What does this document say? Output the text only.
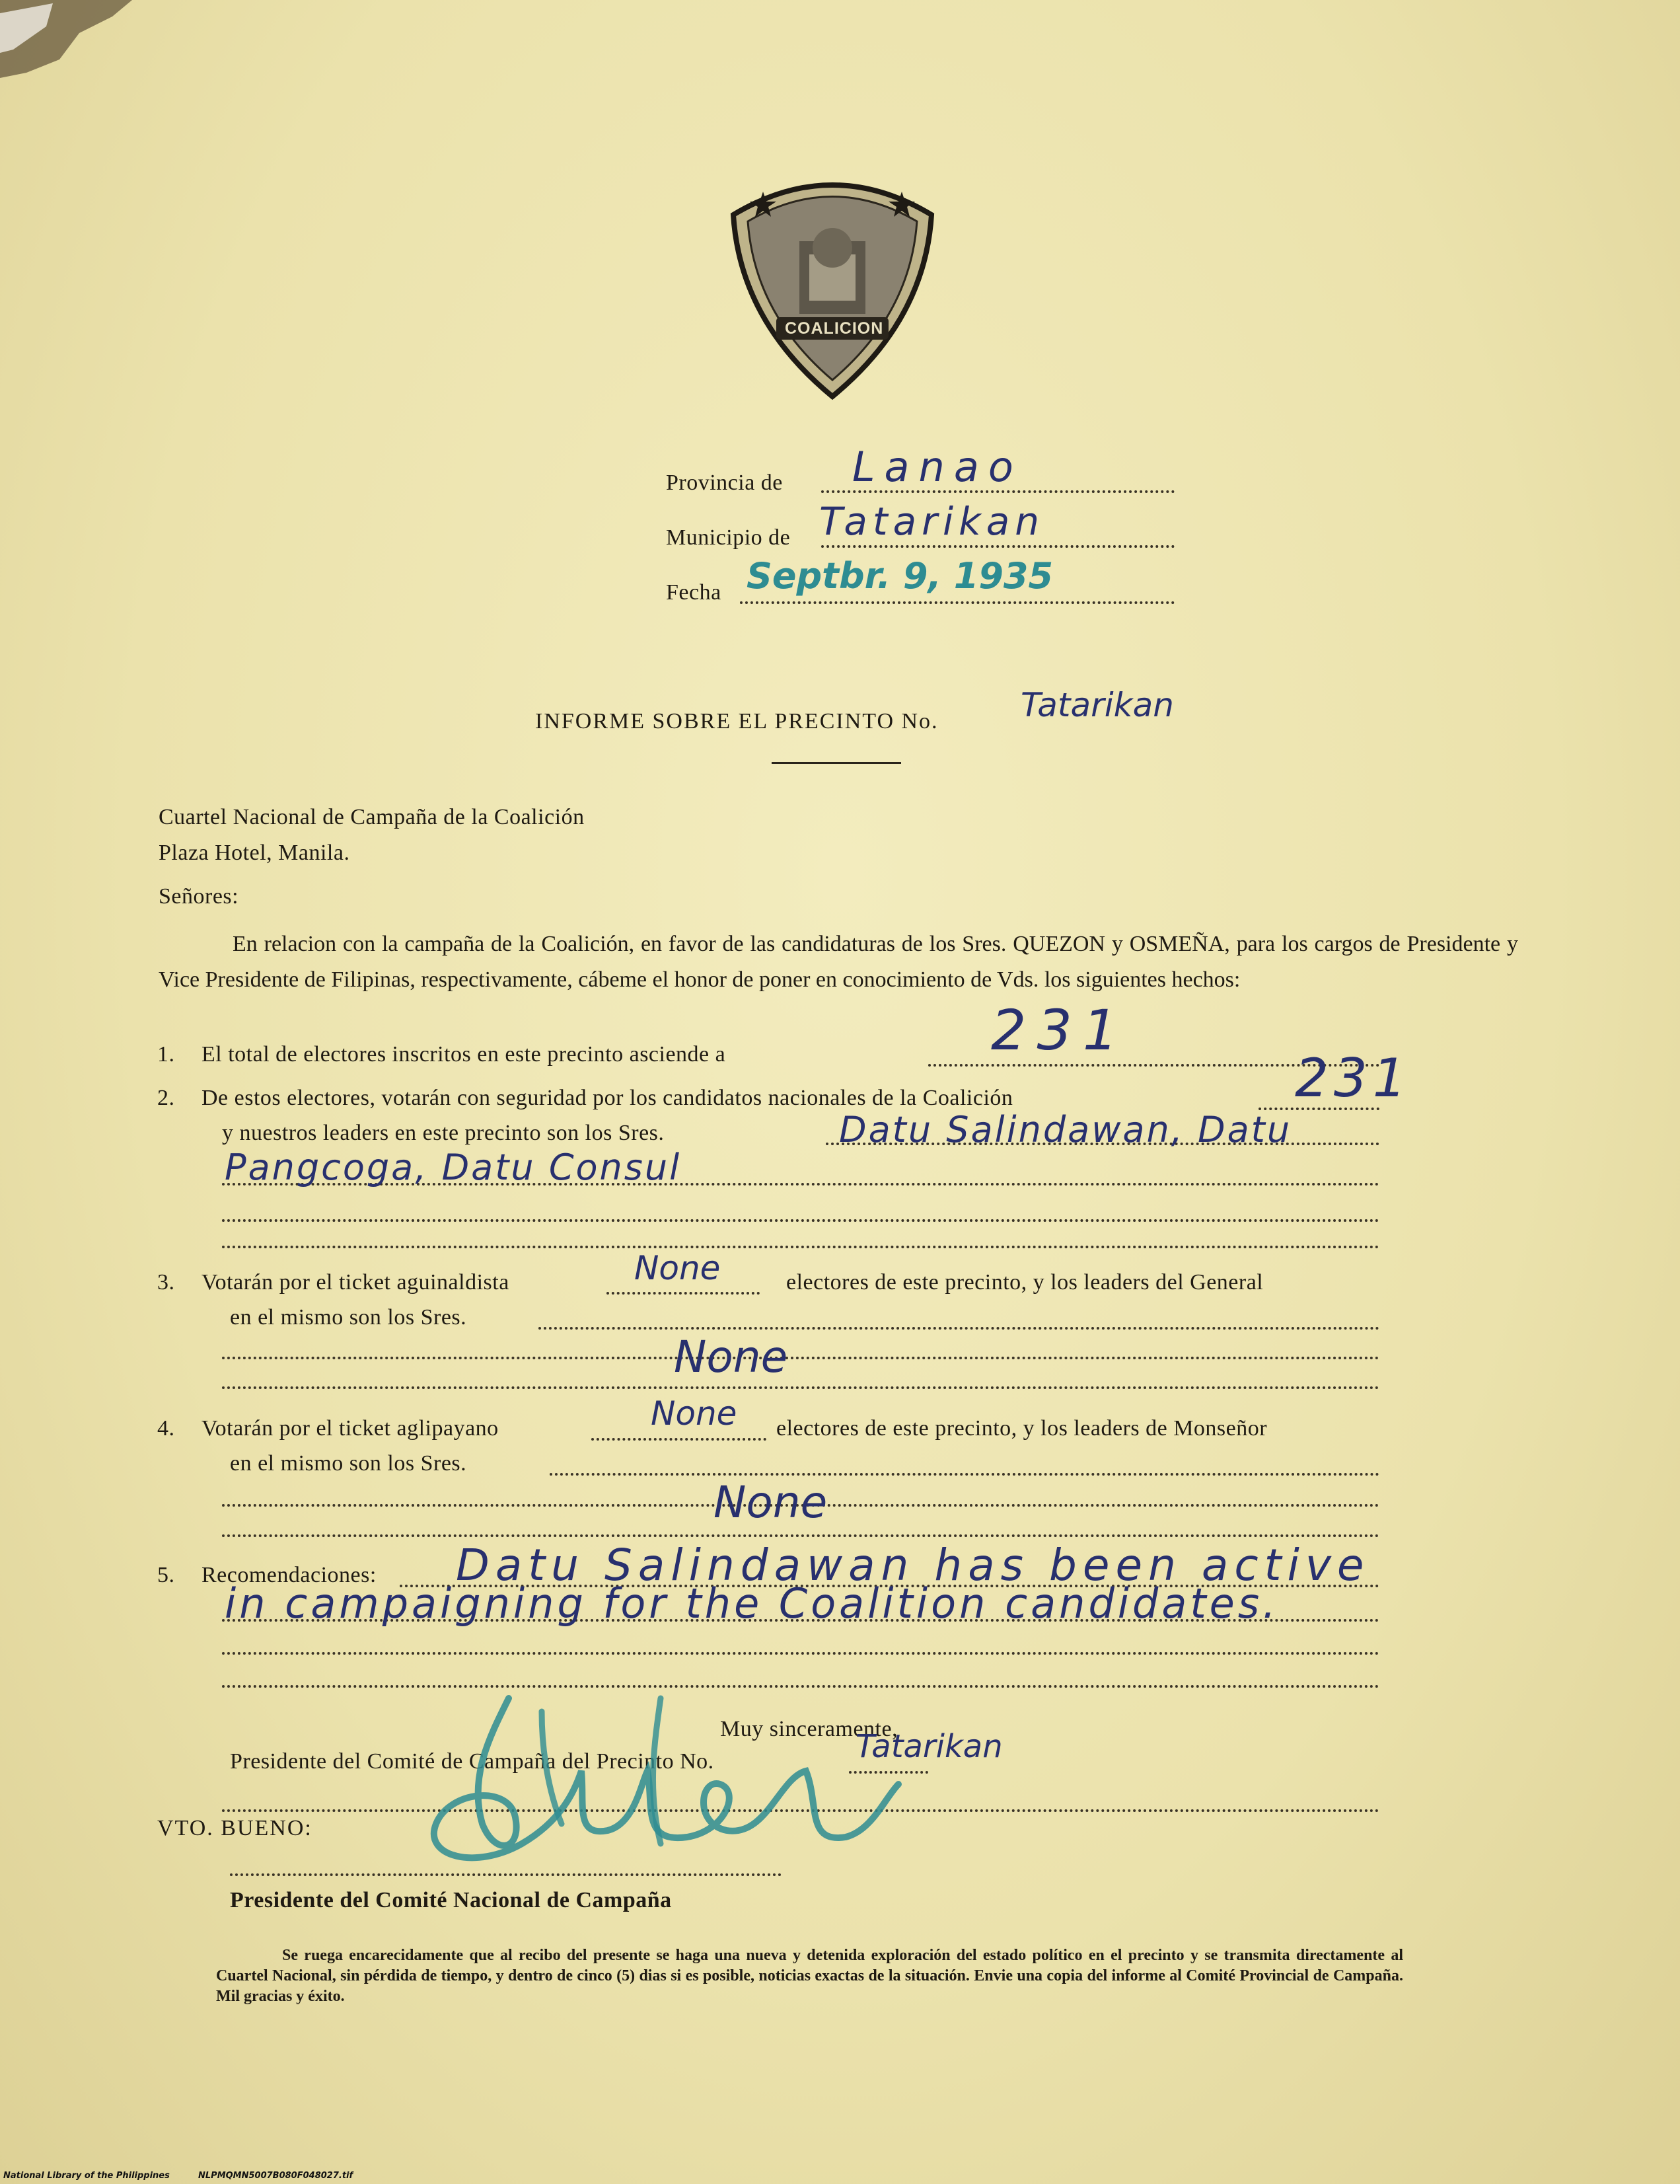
COALICION
Provincia de Lanao
Municipio de Tatarikan
Fecha Septbr. 9, 1935
INFORME SOBRE EL PRECINTO No. Tatarikan
Cuartel Nacional de Campaña de la Coalición
Plaza Hotel, Manila.
Señores:
En relacion con la campaña de la Coalición, en favor de las candidaturas de los Sres. QUEZON y OSMEÑA, para los cargos de Presidente y Vice Presidente de Filipinas, respectivamente, cábeme el honor de poner en conocimiento de Vds. los siguientes hechos:
1. El total de electores inscritos en este precinto asciende a	231
2. De estos electores, votarán con seguridad por los candidatos nacionales de la Coalición	231
y nuestros leaders en este precinto son los Sres.	Datu Salindawan, Datu
Pangcoga, Datu Consul
3. Votarán por el ticket aguinaldista	None	electores de este precinto, y los leaders del General
en el mismo son los Sres.
None
4. Votarán por el ticket aglipayano	None electores de este precinto, y los leaders de Monseñor
en el mismo son los Sres.
None
5. Recomendaciones: Datu Salindawan has been active
in campaigning for the Coalition candidates.
Muy sinceramente,
Presidente del Comité de Campaña del Precinto No.	Tatarikan
VTO. BUENO:
Presidente del Comité Nacional de Campaña
Se ruega encarecidamente que al recibo del presente se haga una nueva y detenida exploración del estado político en el precinto y se transmita directamente al Cuartel Nacional, sin pérdida de tiempo, y dentro de cinco (5) dias si es posible, noticias exactas de la situación. Envie una copia del informe al Comité Provincial de Campaña. Mil gracias y éxito.
National Library of the Philippines	NLPMQMN5007B080F048027.tif
